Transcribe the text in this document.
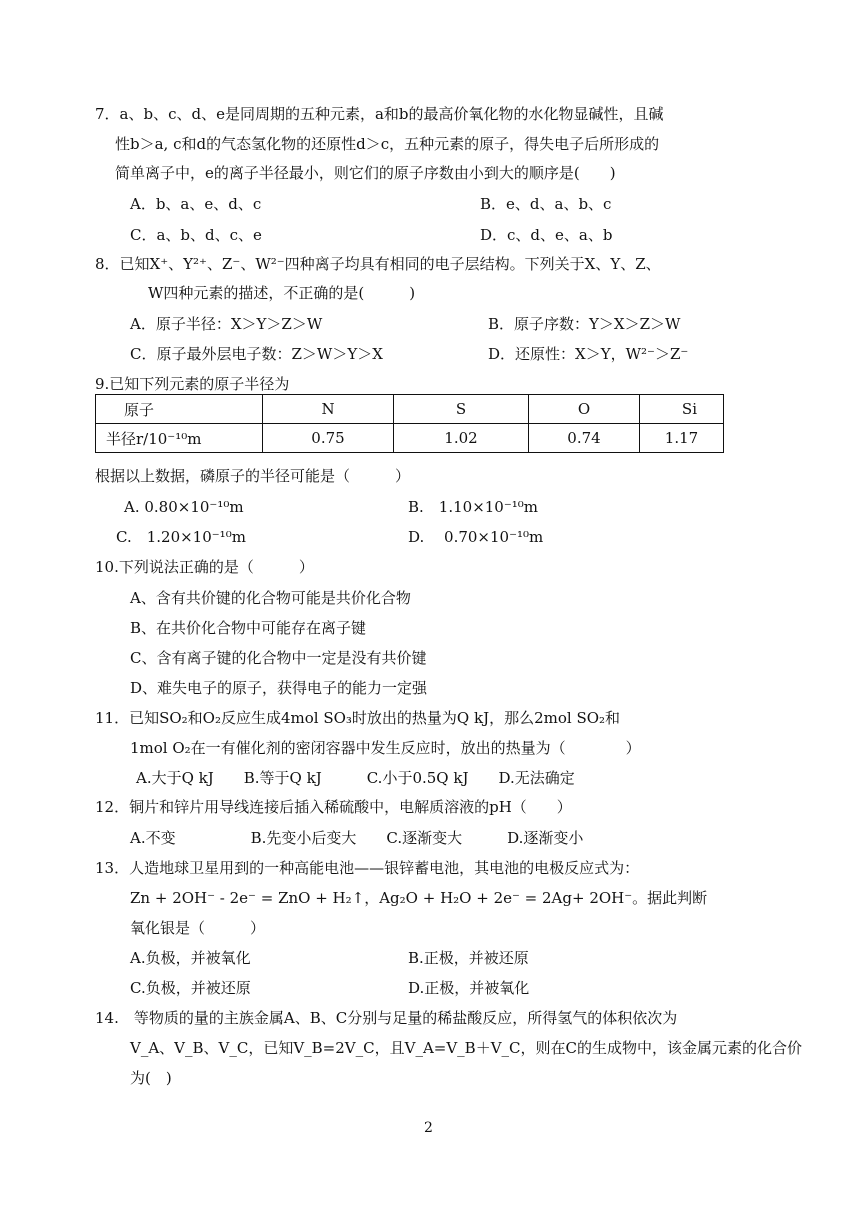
7．a、b、c、d、e是同周期的五种元素，a和b的最高价氧化物的水化物显碱性，且碱
性b＞a, c和d的气态氢化物的还原性d＞c，五种元素的原子，得失电子后所形成的
简单离子中，e的离子半径最小，则它们的原子序数由小到大的顺序是(　　)
A．b、a、e、d、c	B．e、d、a、b、c
C．a、b、d、c、e	D．c、d、e、a、b
8．已知X⁺、Y²⁺、Z⁻、W²⁻四种离子均具有相同的电子层结构。下列关于X、Y、Z、
W四种元素的描述，不正确的是(　　　)
A．原子半径：X＞Y＞Z＞W	B．原子序数：Y＞X＞Z＞W
C．原子最外层电子数：Z＞W＞Y＞X	D．还原性：X＞Y，W²⁻＞Z⁻
9.已知下列元素的原子半径为
根据以上数据，磷原子的半径可能是（　　　）
A. 0.80×10⁻¹⁰m	B.　1.10×10⁻¹⁰m
C.　1.20×10⁻¹⁰m	D.　 0.70×10⁻¹⁰m
10.下列说法正确的是（　　　）
A、含有共价键的化合物可能是共价化合物
B、在共价化合物中可能存在离子键
C、含有离子键的化合物中一定是没有共价键
D、难失电子的原子，获得电子的能力一定强
11．已知SO₂和O₂反应生成4mol SO₃时放出的热量为Q kJ，那么2mol SO₂和
1mol O₂在一有催化剂的密闭容器中发生反应时，放出的热量为（　　　　）
A.大于Q kJ　　B.等于Q kJ　　　C.小于0.5Q kJ　　D.无法确定
12．铜片和锌片用导线连接后插入稀硫酸中，电解质溶液的pH（　　）
A.不变　　　　　B.先变小后变大　　C.逐渐变大　　　D.逐渐变小
13．人造地球卫星用到的一种高能电池——银锌蓄电池，其电池的电极反应式为：
Zn + 2OH⁻ - 2e⁻ = ZnO + H₂↑，Ag₂O + H₂O + 2e⁻ = 2Ag+ 2OH⁻。据此判断
氧化银是（　　　）
A.负极，并被氧化	B.正极，并被还原
C.负极，并被还原	D.正极，并被氧化
14.　等物质的量的主族金属A、B、C分别与足量的稀盐酸反应，所得氢气的体积依次为
V_A、V_B、V_C，已知V_B=2V_C，且V_A=V_B＋V_C，则在C的生成物中，该金属元素的化合价
为(　)
原子	N	S	O	Si
半径r/10⁻¹⁰m	0.75	1.02	0.74	1.17
2
